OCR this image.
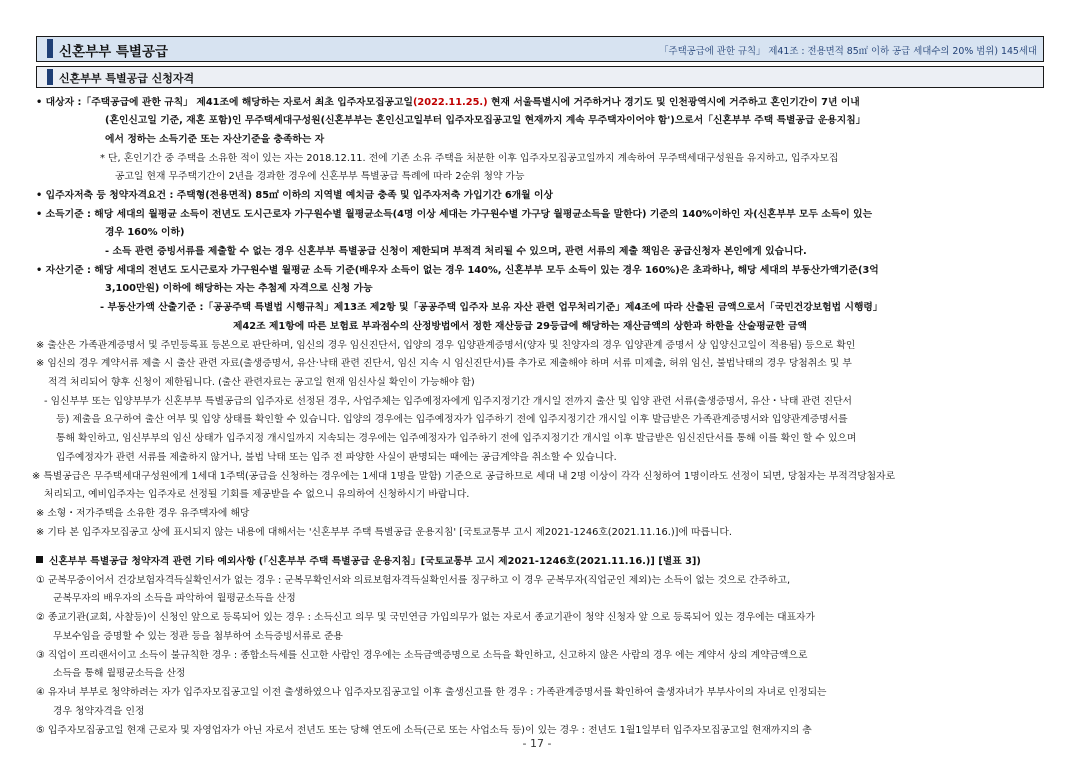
신혼부부 특별공급	「주택공급에 관한 규칙」 제41조 : 전용면적 85㎡ 이하 공급 세대수의 20% 범위) 145세대
신혼부부 특별공급 신청자격
• 대상자 :「주택공급에 관한 규칙」 제41조에 해당하는 자로서 최초 입주자모집공고일(2022.11.25.) 현재 서울특별시에 거주하거나 경기도 및 인천광역시에 거주하고 혼인기간이 7년 이내
(혼인신고일 기준, 재혼 포함)인 무주택세대구성원(신혼부부는 혼인신고일부터 입주자모집공고일 현재까지 계속 무주택자이어야 함')으로서「신혼부부 주택 특별공급 운용지침」
에서 정하는 소득기준 또는 자산기준을 충족하는 자
* 단, 혼인기간 중 주택을 소유한 적이 있는 자는 2018.12.11. 전에 기존 소유 주택을 처분한 이후 입주자모집공고일까지 계속하여 무주택세대구성원을 유지하고, 입주자모집
공고일 현재 무주택기간이 2년을 경과한 경우에 신혼부부 특별공급 특례에 따라 2순위 청약 가능
• 입주자저축 등 청약자격요건 : 주택형(전용면적) 85㎡ 이하의 지역별 예치금 충족 및 입주자저축 가입기간 6개월 이상
• 소득기준 : 해당 세대의 월평균 소득이 전년도 도시근로자 가구원수별 월평균소득(4명 이상 세대는 가구원수별 가구당 월평균소득을 말한다) 기준의 140%이하인 자(신혼부부 모두 소득이 있는
경우 160% 이하)
- 소득 관련 증빙서류를 제출할 수 없는 경우 신혼부부 특별공급 신청이 제한되며 부적격 처리될 수 있으며, 관련 서류의 제출 책임은 공급신청자 본인에게 있습니다.
• 자산기준 : 해당 세대의 전년도 도시근로자 가구원수별 월평균 소득 기준(배우자 소득이 없는 경우 140%, 신혼부부 모두 소득이 있는 경우 160%)은 초과하나, 해당 세대의 부동산가액기준(3억
3,100만원) 이하에 해당하는 자는 추첨제 자격으로 신청 가능
- 부동산가액 산출기준 :「공공주택 특별법 시행규칙」제13조 제2항 및「공공주택 입주자 보유 자산 관련 업무처리기준」제4조에 따라 산출된 금액으로서「국민건강보험법 시행령」
제42조 제1항에 따른 보험료 부과점수의 산정방법에서 정한 재산등급 29등급에 해당하는 재산금액의 상한과 하한을 산술평균한 금액
※ 출산은 가족관계증명서 및 주민등록표 등본으로 판단하며, 임신의 경우 임신진단서, 입양의 경우 입양관계증명서(양자 및 친양자의 경우 입양관계 증명서 상 입양신고일이 적용됨) 등으로 확인
※ 임신의 경우 계약서류 제출 시 출산 관련 자료(출생증명서, 유산·낙태 관련 진단서, 임신 지속 시 임신진단서)를 추가로 제출해야 하며 서류 미제출, 허위 임신, 불법낙태의 경우 당첨취소 및 부
적격 처리되어 향후 신청이 제한됩니다. (출산 관련자료는 공고일 현재 임신사실 확인이 가능해야 함)
- 임신부부 또는 입양부부가 신혼부부 특별공급의 입주자로 선정된 경우, 사업주체는 입주예정자에게 입주지정기간 개시일 전까지 출산 및 입양 관련 서류(출생증명서, 유산・낙태 관련 진단서
등) 제출을 요구하여 출산 여부 및 입양 상태를 확인할 수 있습니다. 입양의 경우에는 입주예정자가 입주하기 전에 입주지정기간 개시일 이후 발급받은 가족관계증명서와 입양관계증명서를
통해 확인하고, 임신부부의 임신 상태가 입주지정 개시일까지 지속되는 경우에는 입주예정자가 입주하기 전에 입주지정기간 개시일 이후 발급받은 임신진단서를 통해 이를 확인 할 수 있으며
입주예정자가 관련 서류를 제출하지 않거나, 불법 낙태 또는 입주 전 파양한 사실이 판명되는 때에는 공급계약을 취소할 수 있습니다.
※ 특별공급은 무주택세대구성원에게 1세대 1주택(공급을 신청하는 경우에는 1세대 1명을 말함) 기준으로 공급하므로 세대 내 2명 이상이 각각 신청하여 1명이라도 선정이 되면, 당첨자는 부적격당첨자로
처리되고, 예비입주자는 입주자로 선정될 기회를 제공받을 수 없으니 유의하여 신청하시기 바랍니다.
※ 소형・저가주택을 소유한 경우 유주택자에 해당
※ 기타 본 입주자모집공고 상에 표시되지 않는 내용에 대해서는 '신혼부부 주택 특별공급 운용지침' [국토교통부 고시 제2021-1246호(2021.11.16.)]에 따릅니다.
신혼부부 특별공급 청약자격 관련 기타 예외사항 (「신혼부부 주택 특별공급 운용지침」[국토교통부 고시 제2021-1246호(2021.11.16.)] [별표 3])
① 군복무중이어서 건강보험자격득실확인서가 없는 경우 : 군복무확인서와 의료보험자격득실확인서를 징구하고 이 경우 군복무자(직업군인 제외)는 소득이 없는 것으로 간주하고,
군복무자의 배우자의 소득을 파악하여 월평균소득을 산정
② 종교기관(교회, 사찰등)이 신청인 앞으로 등록되어 있는 경우 : 소득신고 의무 및 국민연금 가입의무가 없는 자로서 종교기관이 청약 신청자 앞 으로 등록되어 있는 경우에는 대표자가
무보수임을 증명할 수 있는 정관 등을 첨부하여 소득증빙서류로 준용
③ 직업이 프리랜서이고 소득이 불규칙한 경우 : 종합소득세를 신고한 사람인 경우에는 소득금액증명으로 소득을 확인하고, 신고하지 않은 사람의 경우 에는 계약서 상의 계약금액으로
소득을 통해 월평균소득을 산정
④ 유자녀 부부로 청약하려는 자가 입주자모집공고일 이전 출생하였으나 입주자모집공고일 이후 출생신고를 한 경우 : 가족관계증명서를 확인하여 출생자녀가 부부사이의 자녀로 인정되는
경우 청약자격을 인정
⑤ 입주자모집공고일 현재 근로자 및 자영업자가 아닌 자로서 전년도 또는 당해 연도에 소득(근로 또는 사업소득 등)이 있는 경우 : 전년도 1월1일부터 입주자모집공고일 현재까지의 총
- 17 -
